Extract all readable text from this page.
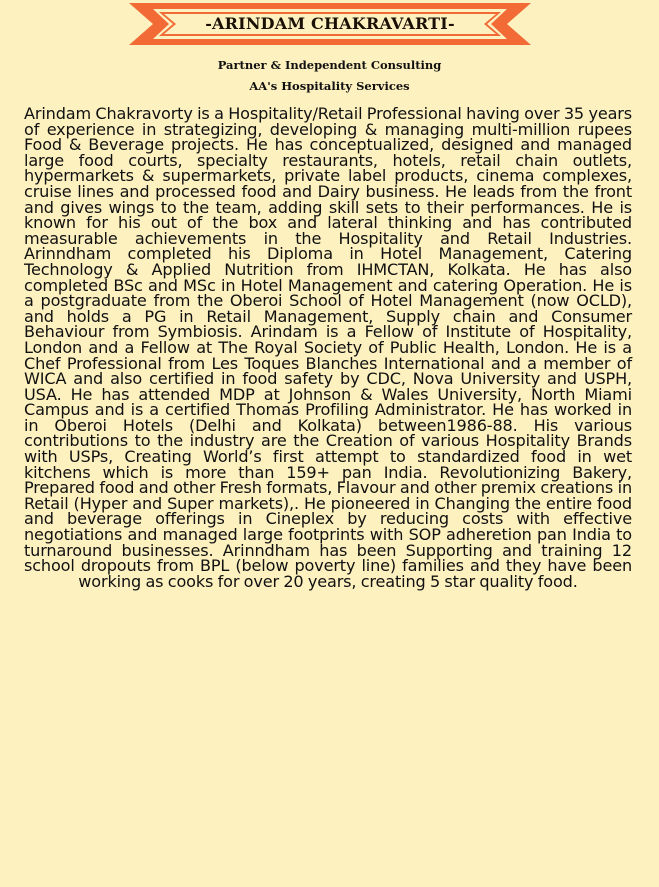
-ARINDAM CHAKRAVARTI-
Partner & Independent Consulting
AA's Hospitality Services

Arindam Chakravorty is a Hospitality/Retail Professional having over 35 years of experience in strategizing, developing & managing multi-million rupees Food & Beverage projects. He has conceptualized, designed and managed large food courts, specialty restaurants, hotels, retail chain outlets, hypermarkets & supermarkets, private label products, cinema complexes, cruise lines and processed food and Dairy business. He leads from the front and gives wings to the team, adding skill sets to their performances. He is known for his out of the box and lateral thinking and has contributed measurable achievements in the Hospitality and Retail Industries. Arinndham completed his Diploma in Hotel Management, Catering Technology & Applied Nutrition from IHMCTAN, Kolkata. He has also completed BSc and MSc in Hotel Management and catering Operation. He is a postgraduate from the Oberoi School of Hotel Management (now OCLD), and holds a PG in Retail Management, Supply chain and Consumer Behaviour from Symbiosis. Arindam is a Fellow of Institute of Hospitality, London and a Fellow at The Royal Society of Public Health, London. He is a Chef Professional from Les Toques Blanches International and a member of WICA and also certified in food safety by CDC, Nova University and USPH, USA. He has attended MDP at Johnson & Wales University, North Miami Campus and is a certified Thomas Profiling Administrator. He has worked in in Oberoi Hotels (Delhi and Kolkata) between1986-88. His various contributions to the industry are the Creation of various Hospitality Brands with USPs, Creating World’s first attempt to standardized food in wet kitchens which is more than 159+ pan India. Revolutionizing Bakery, Prepared food and other Fresh formats, Flavour and other premix creations in Retail (Hyper and Super markets),. He pioneered in Changing the entire food and beverage offerings in Cineplex by reducing costs with effective negotiations and managed large footprints with SOP adheretion pan India to turnaround businesses. Arinndham has been Supporting and training 12 school dropouts from BPL (below poverty line) families and they have been working as cooks for over 20 years, creating 5 star quality food.
